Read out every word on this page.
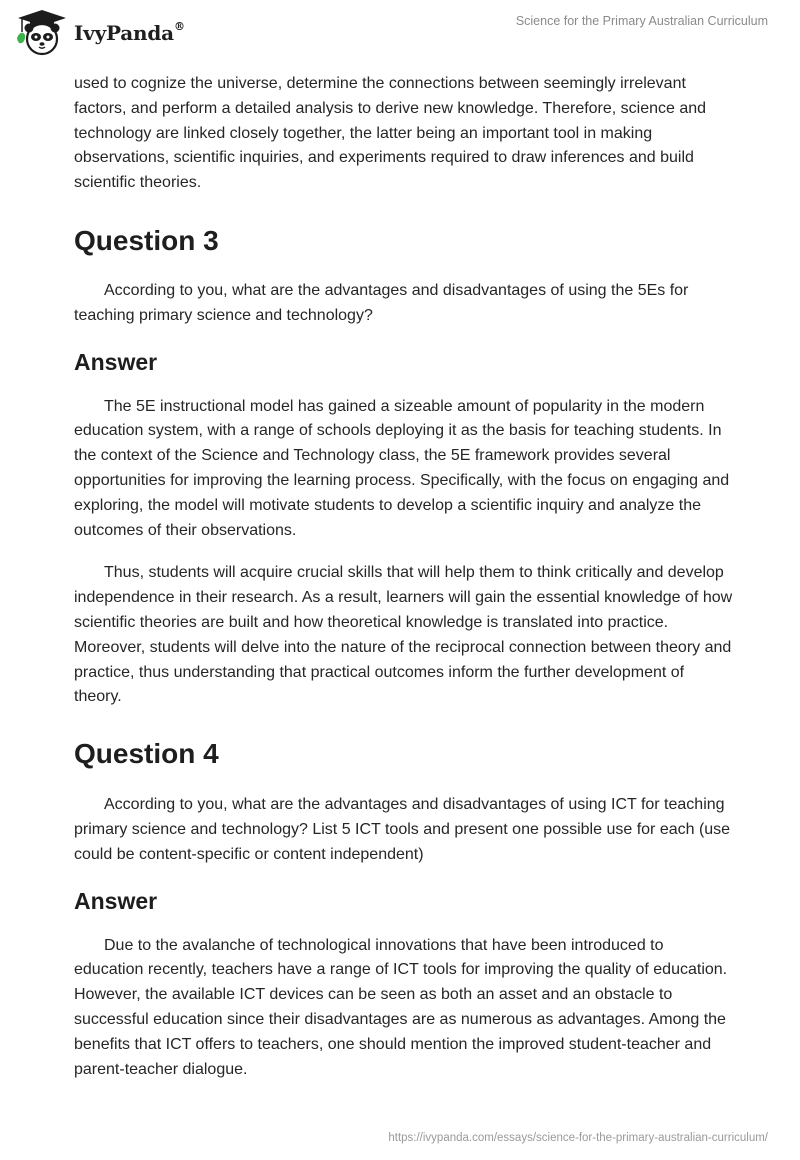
IvyPanda®	Science for the Primary Australian Curriculum

used to cognize the universe, determine the connections between seemingly irrelevant factors, and perform a detailed analysis to derive new knowledge. Therefore, science and technology are linked closely together, the latter being an important tool in making observations, scientific inquiries, and experiments required to draw inferences and build scientific theories.

Question 3

According to you, what are the advantages and disadvantages of using the 5Es for teaching primary science and technology?

Answer

The 5E instructional model has gained a sizeable amount of popularity in the modern education system, with a range of schools deploying it as the basis for teaching students. In the context of the Science and Technology class, the 5E framework provides several opportunities for improving the learning process. Specifically, with the focus on engaging and exploring, the model will motivate students to develop a scientific inquiry and analyze the outcomes of their observations.

Thus, students will acquire crucial skills that will help them to think critically and develop independence in their research. As a result, learners will gain the essential knowledge of how scientific theories are built and how theoretical knowledge is translated into practice. Moreover, students will delve into the nature of the reciprocal connection between theory and practice, thus understanding that practical outcomes inform the further development of theory.

Question 4

According to you, what are the advantages and disadvantages of using ICT for teaching primary science and technology? List 5 ICT tools and present one possible use for each (use could be content-specific or content independent)

Answer

Due to the avalanche of technological innovations that have been introduced to education recently, teachers have a range of ICT tools for improving the quality of education. However, the available ICT devices can be seen as both an asset and an obstacle to successful education since their disadvantages are as numerous as advantages. Among the benefits that ICT offers to teachers, one should mention the improved student-teacher and parent-teacher dialogue.

https://ivypanda.com/essays/science-for-the-primary-australian-curriculum/
